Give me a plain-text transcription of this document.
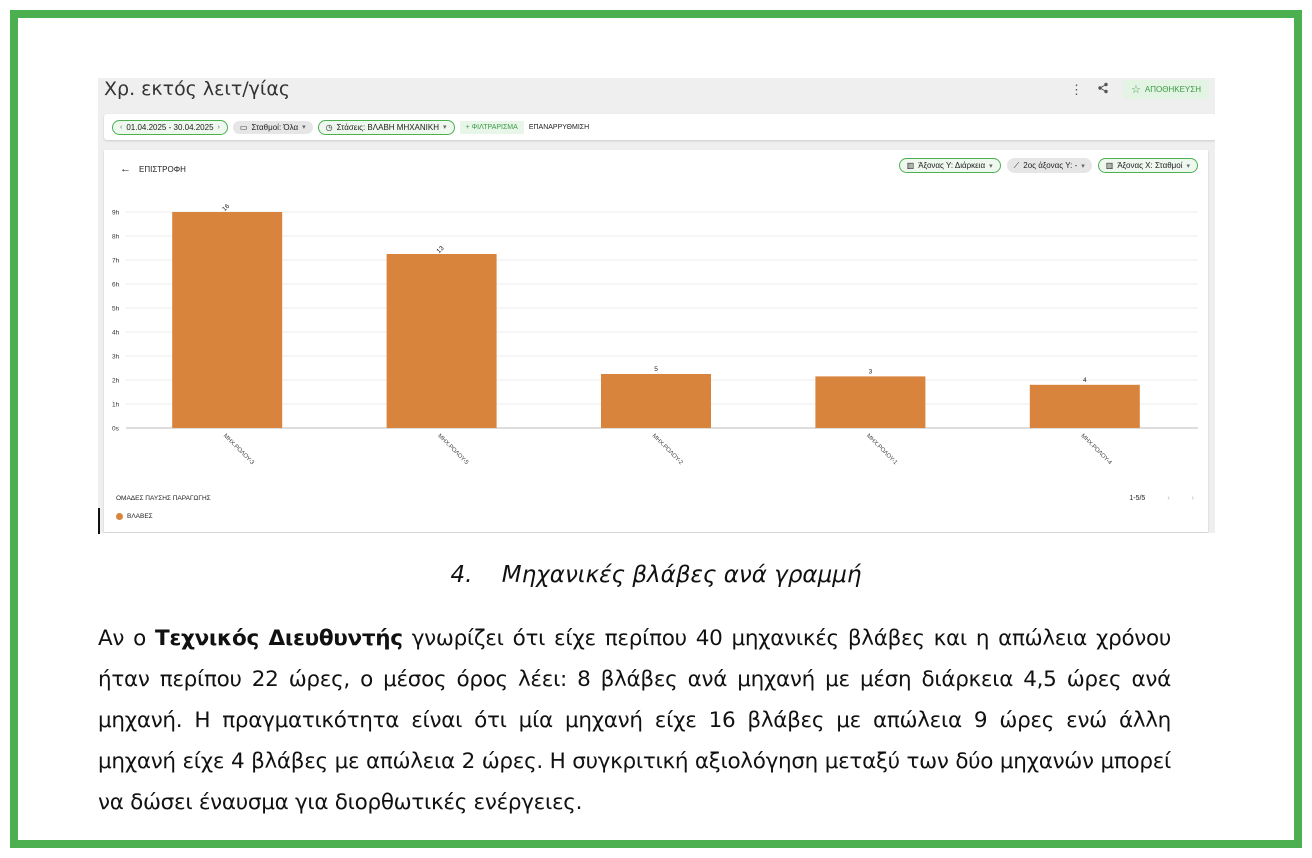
Χρ. εκτός λειτ/γίας	⋮	☆ ΑΠΟΘΗΚΕΥΣΗ
‹ 01.04.2025 - 30.04.2025 ›	▭ Σταθμοί: Όλα ▾	◷ Στάσεις: ΒΛΑΒΗ ΜΗΧΑΝΙΚΗ ▾	+ ΦΙΛΤΡΑΡΙΣΜΑ	ΕΠΑΝΑΡΡΥΘΜΙΣΗ
← ΕΠΙΣΤΡΟΦΗ	▥ Άξονας Υ: Διάρκεια ▾	⟋ 2ος άξονας Υ: - ▾	▥ Άξονας Χ: Σταθμοί ▾
0s
1h
2h
3h
4h
5h
6h
7h
8h
9h
16
ΜΗΧ.ΡΟΛΟΥ-3
13
ΜΗΧ.ΡΟΛΟΥ-5
5
ΜΗΧ.ΡΟΛΟΥ-2
3
ΜΗΧ.ΡΟΛΟΥ-1
4
ΜΗΧ.ΡΟΛΟΥ-4
ΟΜΑΔΕΣ ΠΑΥΣΗΣ ΠΑΡΑΓΩΓΗΣ
ΒΛΑΒΕΣ
1-5/5	‹	›
4. Μηχανικές βλάβες ανά γραμμή
Αν ο Τεχνικός Διευθυντής γνωρίζει ότι είχε περίπου 40 μηχανικές βλάβες και η απώλεια χρόνου ήταν περίπου 22 ώρες, ο μέσος όρος λέει: 8 βλάβες ανά μηχανή με μέση διάρκεια 4,5 ώρες ανά μηχανή. Η πραγματικότητα είναι ότι μία μηχανή είχε 16 βλάβες με απώλεια 9 ώρες ενώ άλλη μηχανή είχε 4 βλάβες με απώλεια 2 ώρες. Η συγκριτική αξιολόγηση μεταξύ των δύο μηχανών μπορεί να δώσει έναυσμα για διορθωτικές ενέργειες.
